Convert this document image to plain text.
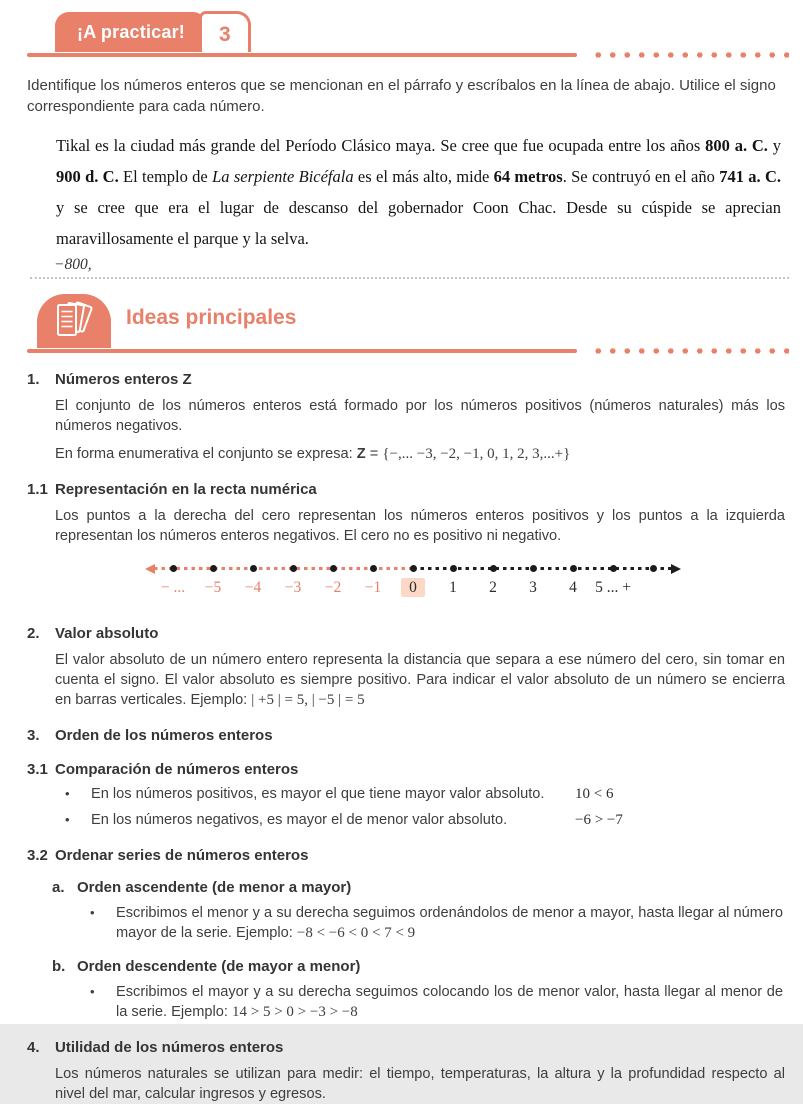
¡A practicar!	3

Identifique los números enteros que se mencionan en el párrafo y escríbalos en la línea de abajo. Utilice el signo correspondiente para cada número.

Tikal es la ciudad más grande del Período Clásico maya. Se cree que fue ocupada entre los años 800 a. C. y 900 d. C. El templo de La serpiente Bicéfala es el más alto, mide 64 metros. Se contruyó en el año 741 a. C. y se cree que era el lugar de descanso del gobernador Coon Chac. Desde su cúspide se aprecian maravillosamente el parque y la selva.

−800,
Ideas principales
1.	Números enteros Z

El conjunto de los números enteros está formado por los números positivos (números naturales) más los números negativos.

En forma enumerativa el conjunto se expresa: Z = {−,... −3, −2, −1, 0, 1, 2, 3,...+}

1.1 Representación en la recta numérica

Los puntos a la derecha del cero representan los números enteros positivos y los puntos a la izquierda representan los números enteros negativos. El cero no es positivo ni negativo.

− ... −5 −4 −3 −2 −1	0	1 2 3 4 5 ... +
2.	Valor absoluto

El valor absoluto de un número entero representa la distancia que separa a ese número del cero, sin tomar en cuenta el signo. El valor absoluto es siempre positivo. Para indicar el valor absoluto de un número se encierra en barras verticales. Ejemplo: | +5 | = 5, | −5 | = 5

3.	Orden de los números enteros
3.1 Comparación de números enteros
•	En los números positivos, es mayor el que tiene mayor valor absoluto. 10 < 6
•	En los números negativos, es mayor el de menor valor absoluto.	−6 > −7
3.2 Ordenar series de números enteros
a. Orden ascendente (de menor a mayor)
•	Escribimos el menor y a su derecha seguimos ordenándolos de menor a mayor, hasta llegar al número mayor de la serie. Ejemplo: −8 < −6 < 0 < 7 < 9
b. Orden descendente (de mayor a menor)
•	Escribimos el mayor y a su derecha seguimos colocando los de menor valor, hasta llegar al menor de la serie. Ejemplo: 14 > 5 > 0 > −3 > −8
4.	Utilidad de los números enteros

Los números naturales se utilizan para medir: el tiempo, temperaturas, la altura y la profundidad respecto al nivel del mar, calcular ingresos y egresos.
